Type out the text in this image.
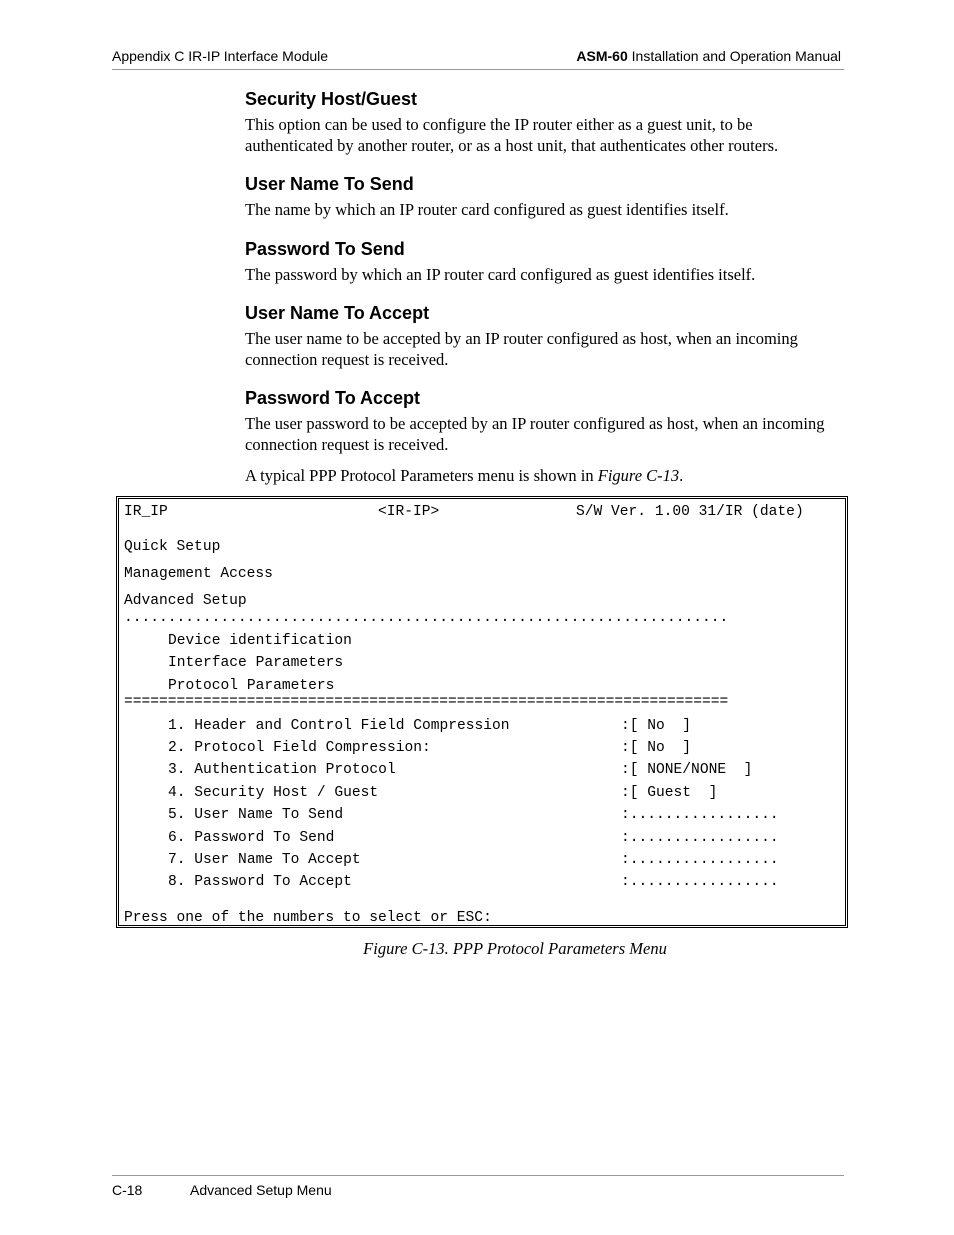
Appendix C IR-IP Interface Module	ASM-60 Installation and Operation Manual
Security Host/Guest

This option can be used to configure the IP router either as a guest unit, to be authenticated by another router, or as a host unit, that authenticates other routers.

User Name To Send

The name by which an IP router card configured as guest identifies itself.

Password To Send

The password by which an IP router card configured as guest identifies itself.

User Name To Accept

The user name to be accepted by an IP router configured as host, when an incoming connection request is received.

Password To Accept

The user password to be accepted by an IP router configured as host, when an incoming connection request is received.

A typical PPP Protocol Parameters menu is shown in Figure C-13.

IR_IP	<IR-IP>	S/W Ver. 1.00 31/IR (date)
Quick Setup
Management Access
Advanced Setup
.....................................................................
Device identification
Interface Parameters
Protocol Parameters
=====================================================================
1. Header and Control Field Compression	:[ No  ]
2. Protocol Field Compression:	:[ No  ]
3. Authentication Protocol	:[ NONE/NONE  ]
4. Security Host / Guest	:[ Guest  ]
5. User Name To Send	:.................
6. Password To Send	:.................
7. User Name To Accept	:.................
8. Password To Accept	:.................
Press one of the numbers to select or ESC:
Figure C-13. PPP Protocol Parameters Menu
C-18	Advanced Setup Menu
